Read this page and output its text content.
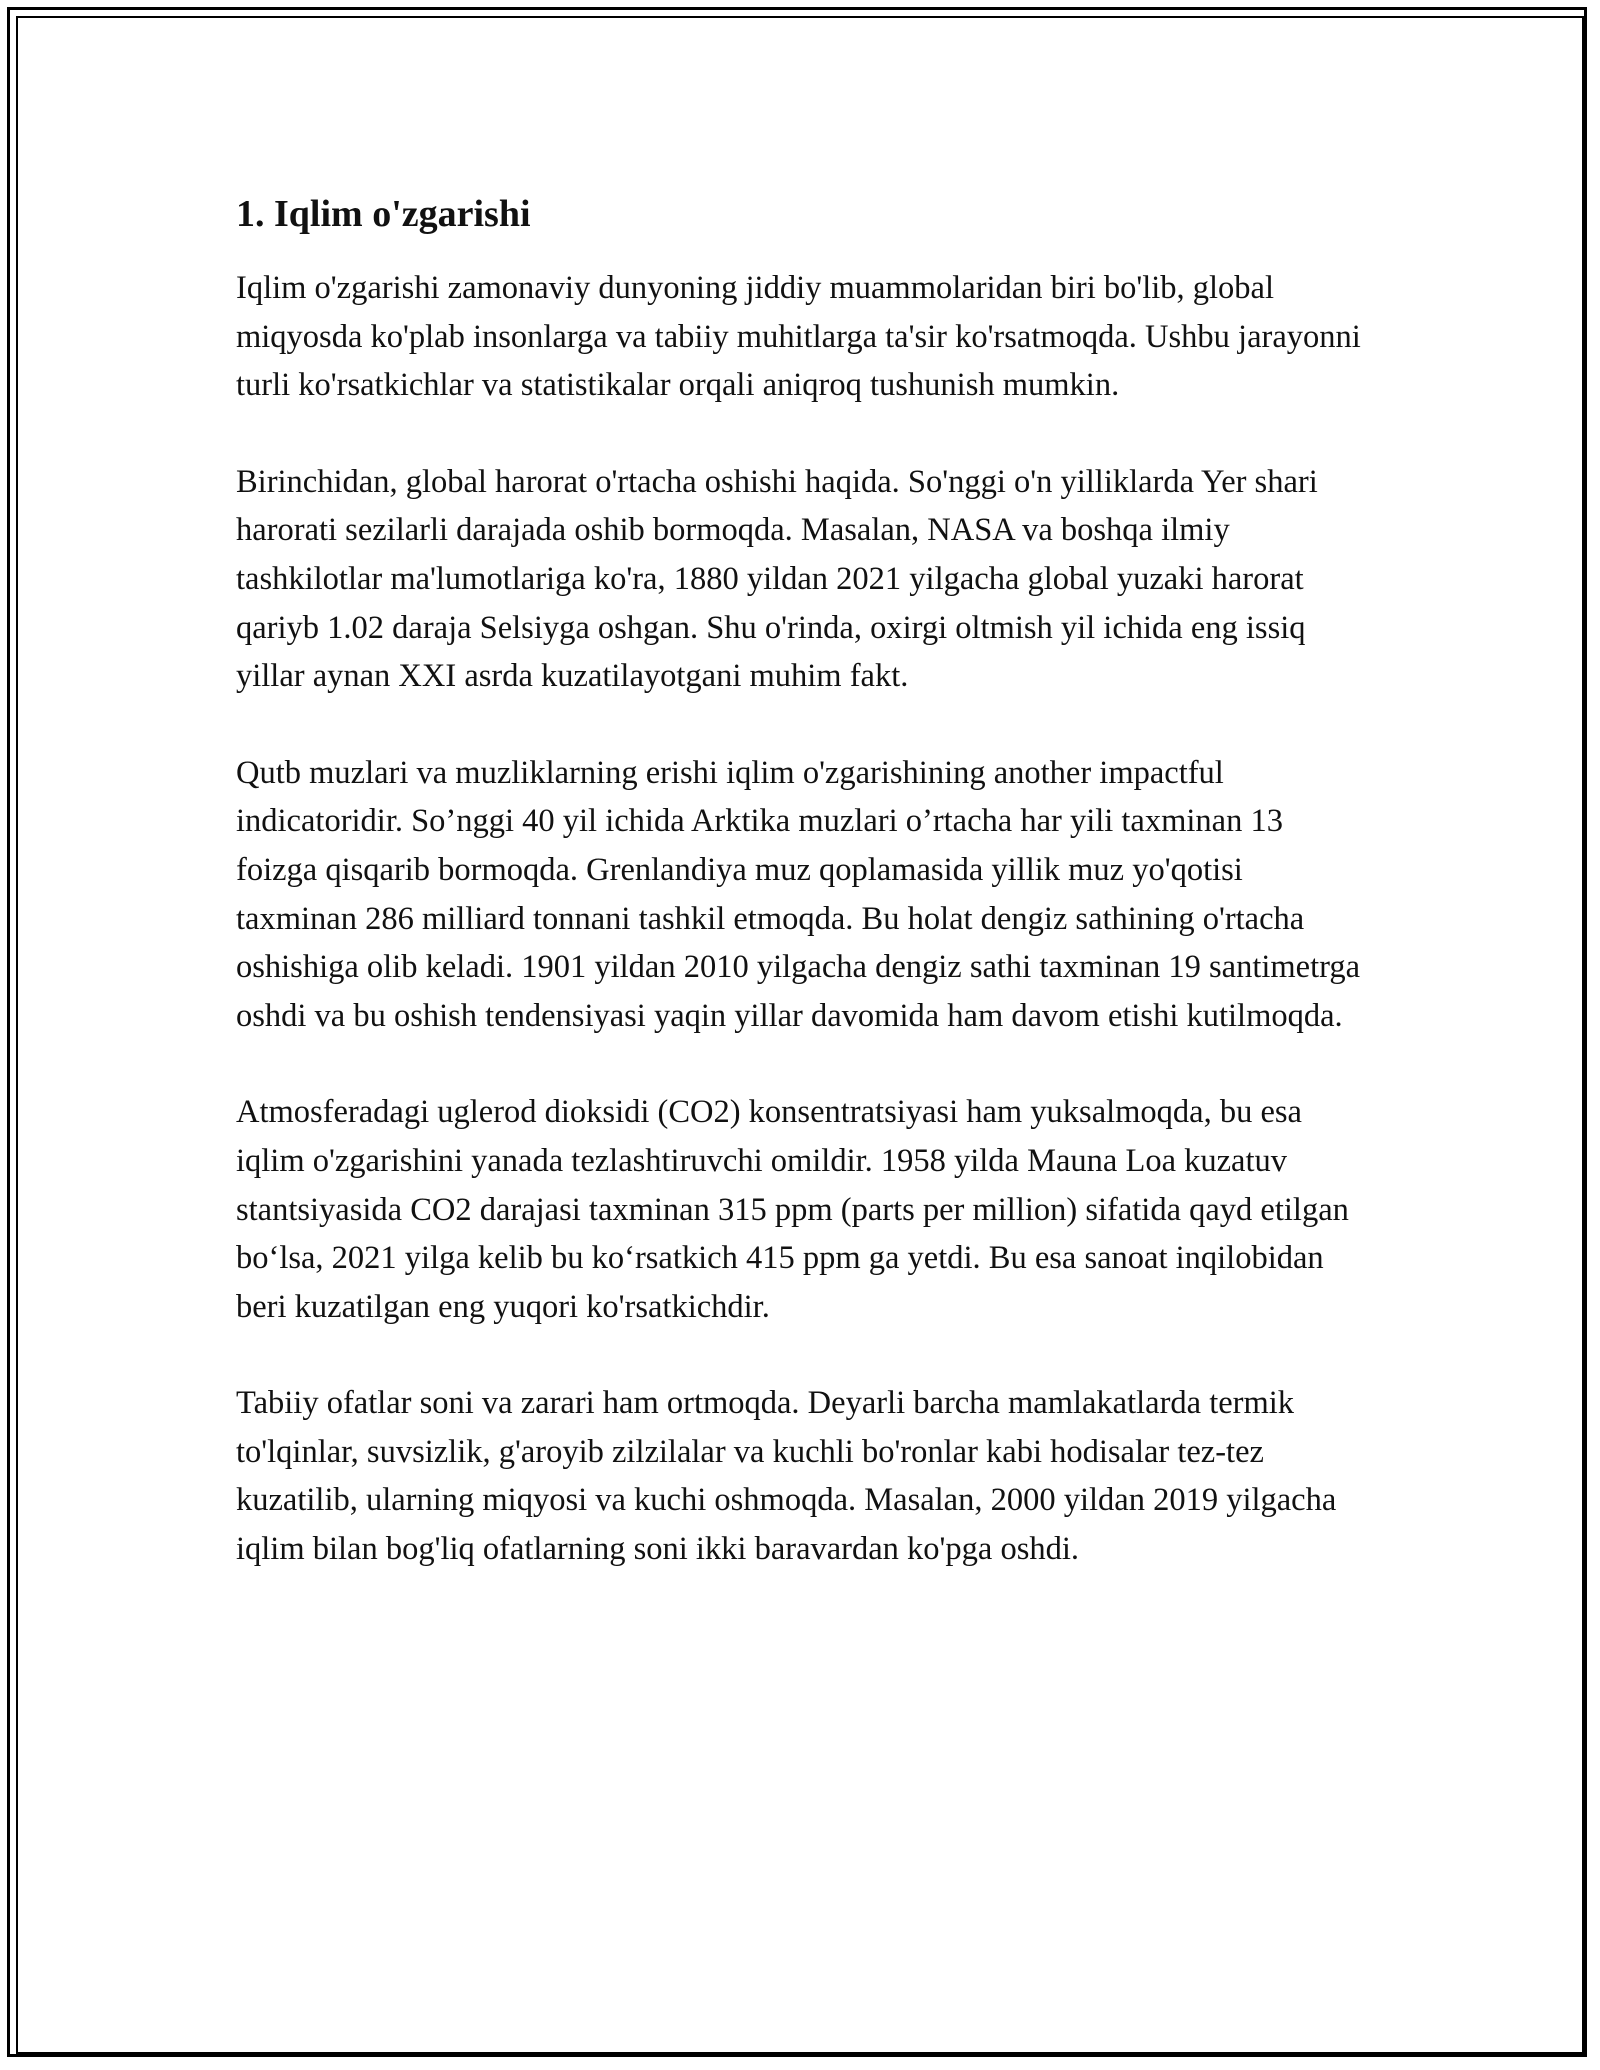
1. Iqlim o'zgarishi

Iqlim o'zgarishi zamonaviy dunyoning jiddiy muammolaridan biri bo'lib, global miqyosda ko'plab insonlarga va tabiiy muhitlarga ta'sir ko'rsatmoqda. Ushbu jarayonni turli ko'rsatkichlar va statistikalar orqali aniqroq tushunish mumkin.

Birinchidan, global harorat o'rtacha oshishi haqida. So'nggi o'n yilliklarda Yer shari harorati sezilarli darajada oshib bormoqda. Masalan, NASA va boshqa ilmiy tashkilotlar ma'lumotlariga ko'ra, 1880 yildan 2021 yilgacha global yuzaki harorat qariyb 1.02 daraja Selsiyga oshgan. Shu o'rinda, oxirgi oltmish yil ichida eng issiq yillar aynan XXI asrda kuzatilayotgani muhim fakt.

Qutb muzlari va muzliklarning erishi iqlim o'zgarishining another impactful indicatoridir. So’nggi 40 yil ichida Arktika muzlari o’rtacha har yili taxminan 13 foizga qisqarib bormoqda. Grenlandiya muz qoplamasida yillik muz yo'qotisi taxminan 286 milliard tonnani tashkil etmoqda. Bu holat dengiz sathining o'rtacha oshishiga olib keladi. 1901 yildan 2010 yilgacha dengiz sathi taxminan 19 santimetrga oshdi va bu oshish tendensiyasi yaqin yillar davomida ham davom etishi kutilmoqda.

Atmosferadagi uglerod dioksidi (CO2) konsentratsiyasi ham yuksalmoqda, bu esa iqlim o'zgarishini yanada tezlashtiruvchi omildir. 1958 yilda Mauna Loa kuzatuv stantsiyasida CO2 darajasi taxminan 315 ppm (parts per million) sifatida qayd etilgan bo‘lsa, 2021 yilga kelib bu ko‘rsatkich 415 ppm ga yetdi. Bu esa sanoat inqilobidan beri kuzatilgan eng yuqori ko'rsatkichdir.

Tabiiy ofatlar soni va zarari ham ortmoqda. Deyarli barcha mamlakatlarda termik to'lqinlar, suvsizlik, g'aroyib zilzilalar va kuchli bo'ronlar kabi hodisalar tez-tez kuzatilib, ularning miqyosi va kuchi oshmoqda. Masalan, 2000 yildan 2019 yilgacha iqlim bilan bog'liq ofatlarning soni ikki baravardan ko'pga oshdi.
